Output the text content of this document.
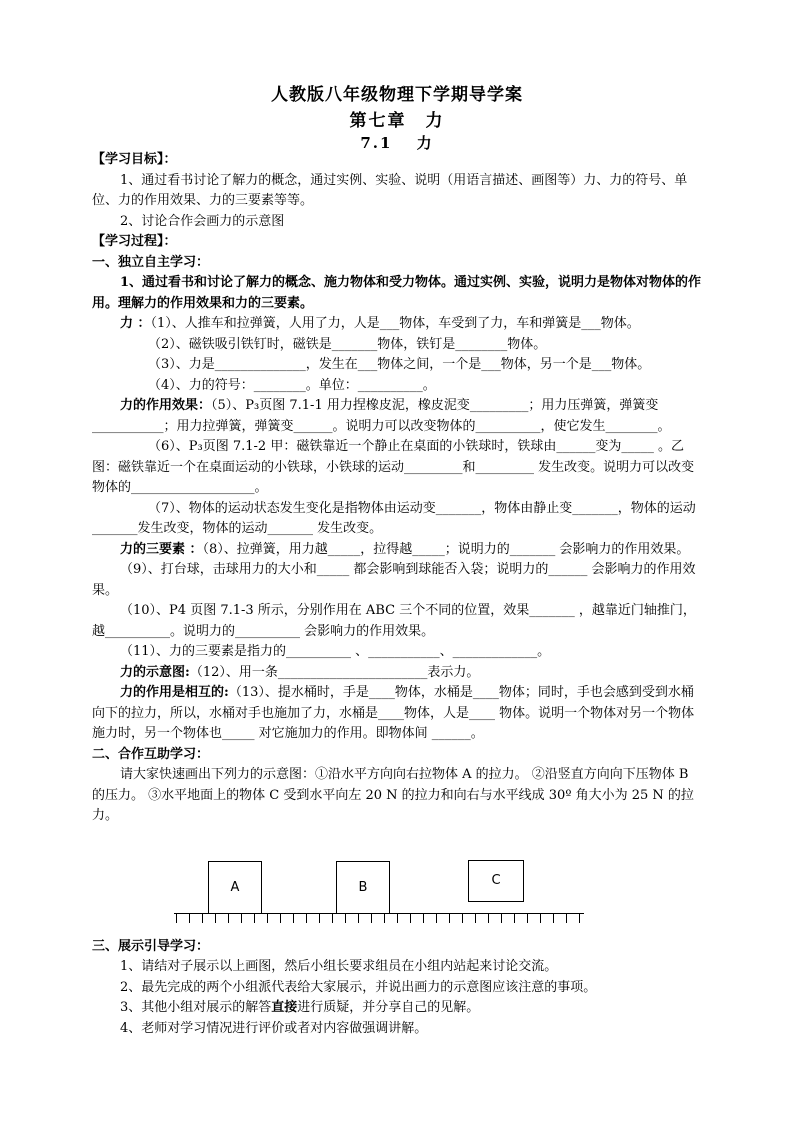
人教版八年级物理下学期导学案
第七章　力
7.1　 力

【学习目标】：

1、通过看书讨论了解力的概念，通过实例、实验、说明（用语言描述、画图等）力、力的符号、单位、力的作用效果、力的三要素等等。

2、讨论合作会画力的示意图

【学习过程】：

一、独立自主学习：

1、通过看书和讨论了解力的概念、施力物体和受力物体。通过实例、实验，说明力是物体对物体的作用。理解力的作用效果和力的三要素。

力 ：（1）、人推车和拉弹簧，人用了力，人是___物体，车受到了力，车和弹簧是___物体。

（2）、磁铁吸引铁钉时，磁铁是_______物体，铁钉是________物体。

（3）、力是______________，发生在___物体之间，一个是___物体，另一个是___物体。

（4）、力的符号：________。单位：__________。

力的作用效果：（5）、P₃页图 7.1-1 用力捏橡皮泥，橡皮泥变_________；用力压弹簧，弹簧变___________；用力拉弹簧，弹簧变______。说明力可以改变物体的__________，使它发生________。

（6）、P₃页图 7.1-2 甲：磁铁靠近一个静止在桌面的小铁球时，铁球由______变为_____ 。乙图：磁铁靠近一个在桌面运动的小铁球，小铁球的运动_________和_________ 发生改变。说明力可以改变物体的___________________。

（7）、物体的运动状态发生变化是指物体由运动变_______，物体由静止变_______，物体的运动 _______发生改变，物体的运动_______ 发生改变。

力的三要素 ：（8）、拉弹簧，用力越_____，拉得越_____；说明力的_______ 会影响力的作用效果。

（9）、打台球，击球用力的大小和_____ 都会影响到球能否入袋；说明力的______ 会影响力的作用效果。

（10）、P4 页图 7.1-3 所示，分别作用在 ABC 三个不同的位置，效果_______ ，越靠近门轴推门，越__________。说明力的__________ 会影响力的作用效果。

（11）、力的三要素是指力的__________ 、___________、_____________。

力的示意图:（12）、用一条_______________________表示力。

力的作用是相互的:（13）、提水桶时，手是____物体，水桶是____物体；同时，手也会感到受到水桶向下的拉力，所以，水桶对手也施加了力，水桶是____物体，人是____ 物体。说明一个物体对另一个物体施力时，另一个物体也_____ 对它施加力的作用。即物体间 ______。

二、合作互助学习：

请大家快速画出下列力的示意图：①沿水平方向向右拉物体 A 的拉力。 ②沿竖直方向向下压物体 B 的压力。 ③水平地面上的物体 C 受到水平向左 20 N 的拉力和向右与水平线成 30º 角大小为 25 N 的拉力。

A	B	C

三、展示引导学习：

1、请结对子展示以上画图，然后小组长要求组员在小组内站起来讨论交流。

2、最先完成的两个小组派代表给大家展示，并说出画力的示意图应该注意的事项。

3、其他小组对展示的解答直接进行质疑，并分享自己的见解。

4、老师对学习情况进行评价或者对内容做强调讲解。
